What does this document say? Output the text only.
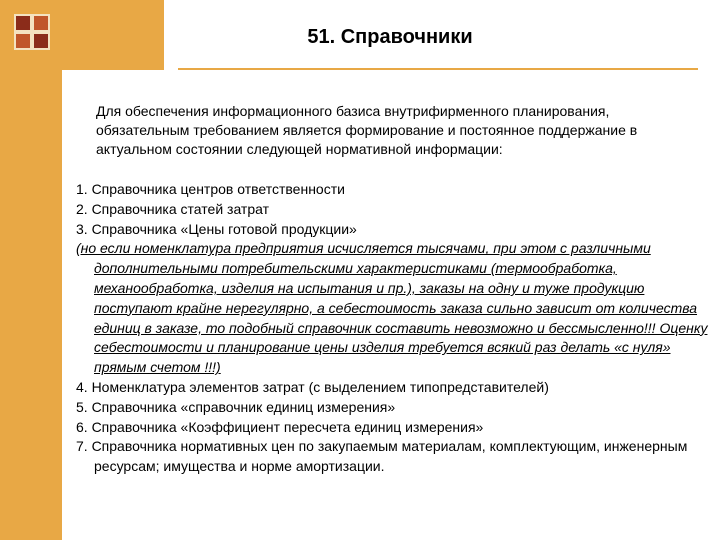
51. Справочники

Для обеспечения информационного базиса внутрифирменного планирования, обязательным требованием является формирование и постоянное поддержание в актуальном состоянии следующей нормативной информации:

1. Справочника центров ответственности
2. Справочника статей затрат
3. Справочника «Цены готовой продукции»
(но если номенклатура предприятия исчисляется тысячами, при этом с различными дополнительными потребительскими характеристиками (термообработка, механообработка, изделия на испытания и пр.), заказы на одну и туже продукцию поступают крайне нерегулярно, а себестоимость заказа сильно зависит от количества единиц в заказе, то подобный справочник составить невозможно и бессмысленно!!! Оценку себестоимости и планирование цены изделия требуется всякий раз делать «с нуля» прямым счетом !!!)
4. Номенклатура элементов затрат (с выделением типопредставителей)
5. Справочника «справочник единиц измерения»
6. Справочника «Коэффициент пересчета единиц измерения»
7. Справочника нормативных цен по закупаемым материалам, комплектующим, инженерным ресурсам; имущества и норме амортизации.
